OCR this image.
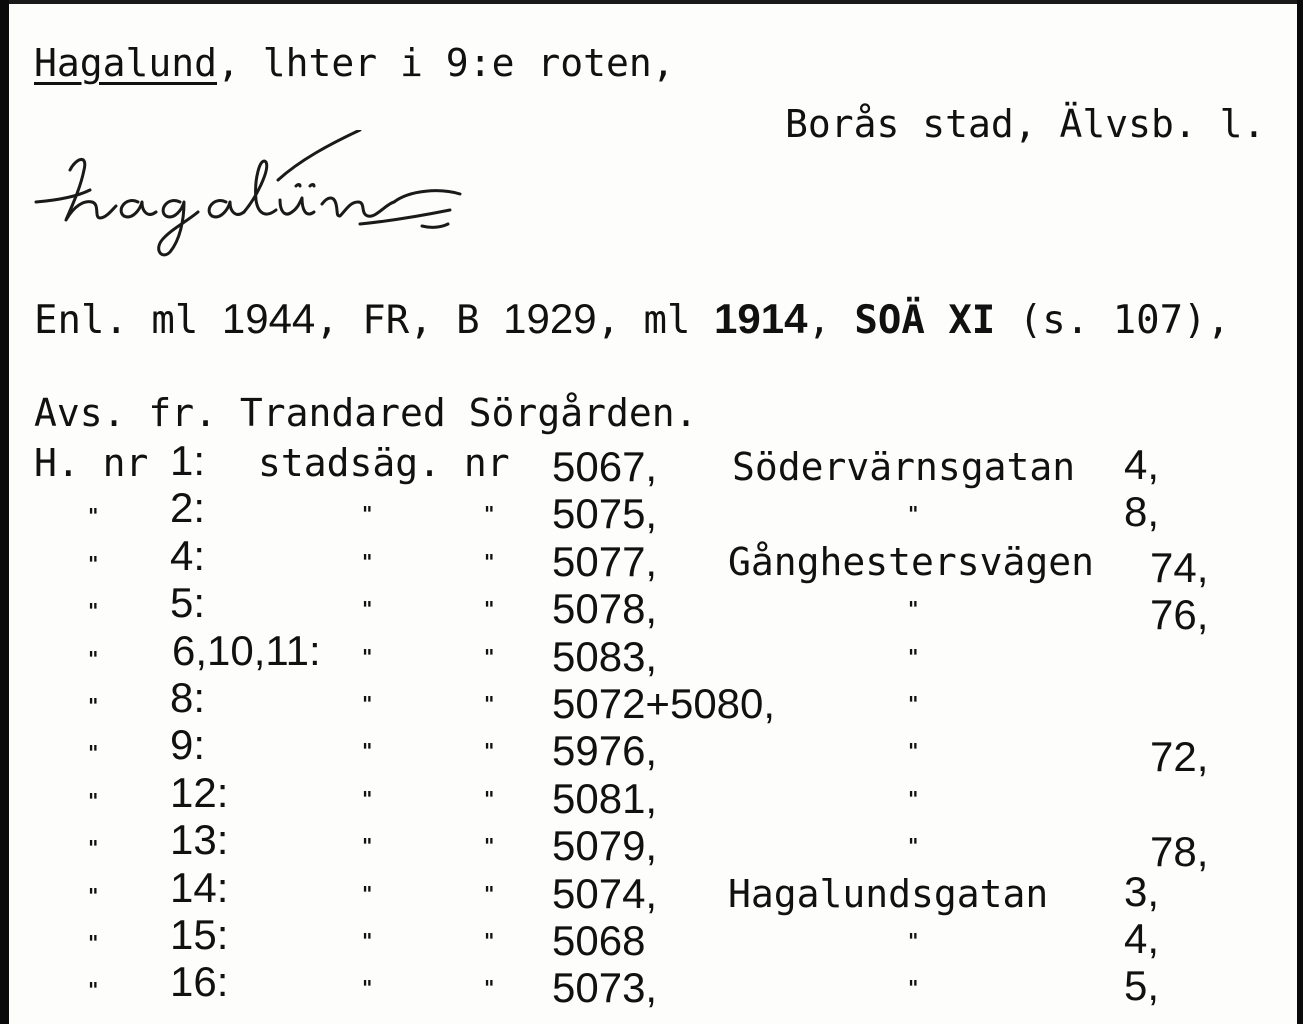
Hagalund, lhter i 9:e roten,
Borås stad, Älvsb. l.
Enl. ml 1944, FR, B 1929, ml 1914, SOÄ XI (s. 107),
Avs. fr. Trandared Sörgården.
H. nr 1: stadsäg. nr 5067, Södervärnsgatan 4,
" 2:	"	" 5075,	"	8,
" 4:	"	" 5077, Gånghestersvägen 74,
" 5:	"	" 5078,	"	76,
" 6,10,11: "	" 5083,	"
" 8:	"	" 5072+5080,	"
" 9:	"	" 5976,	"	72,
" 12:	"	" 5081,	"
" 13:	"	" 5079,	"	78,
" 14:	"	" 5074, Hagalundsgatan 3,
" 15:	"	" 5068	"	4,
" 16:	"	" 5073,	"	5,
